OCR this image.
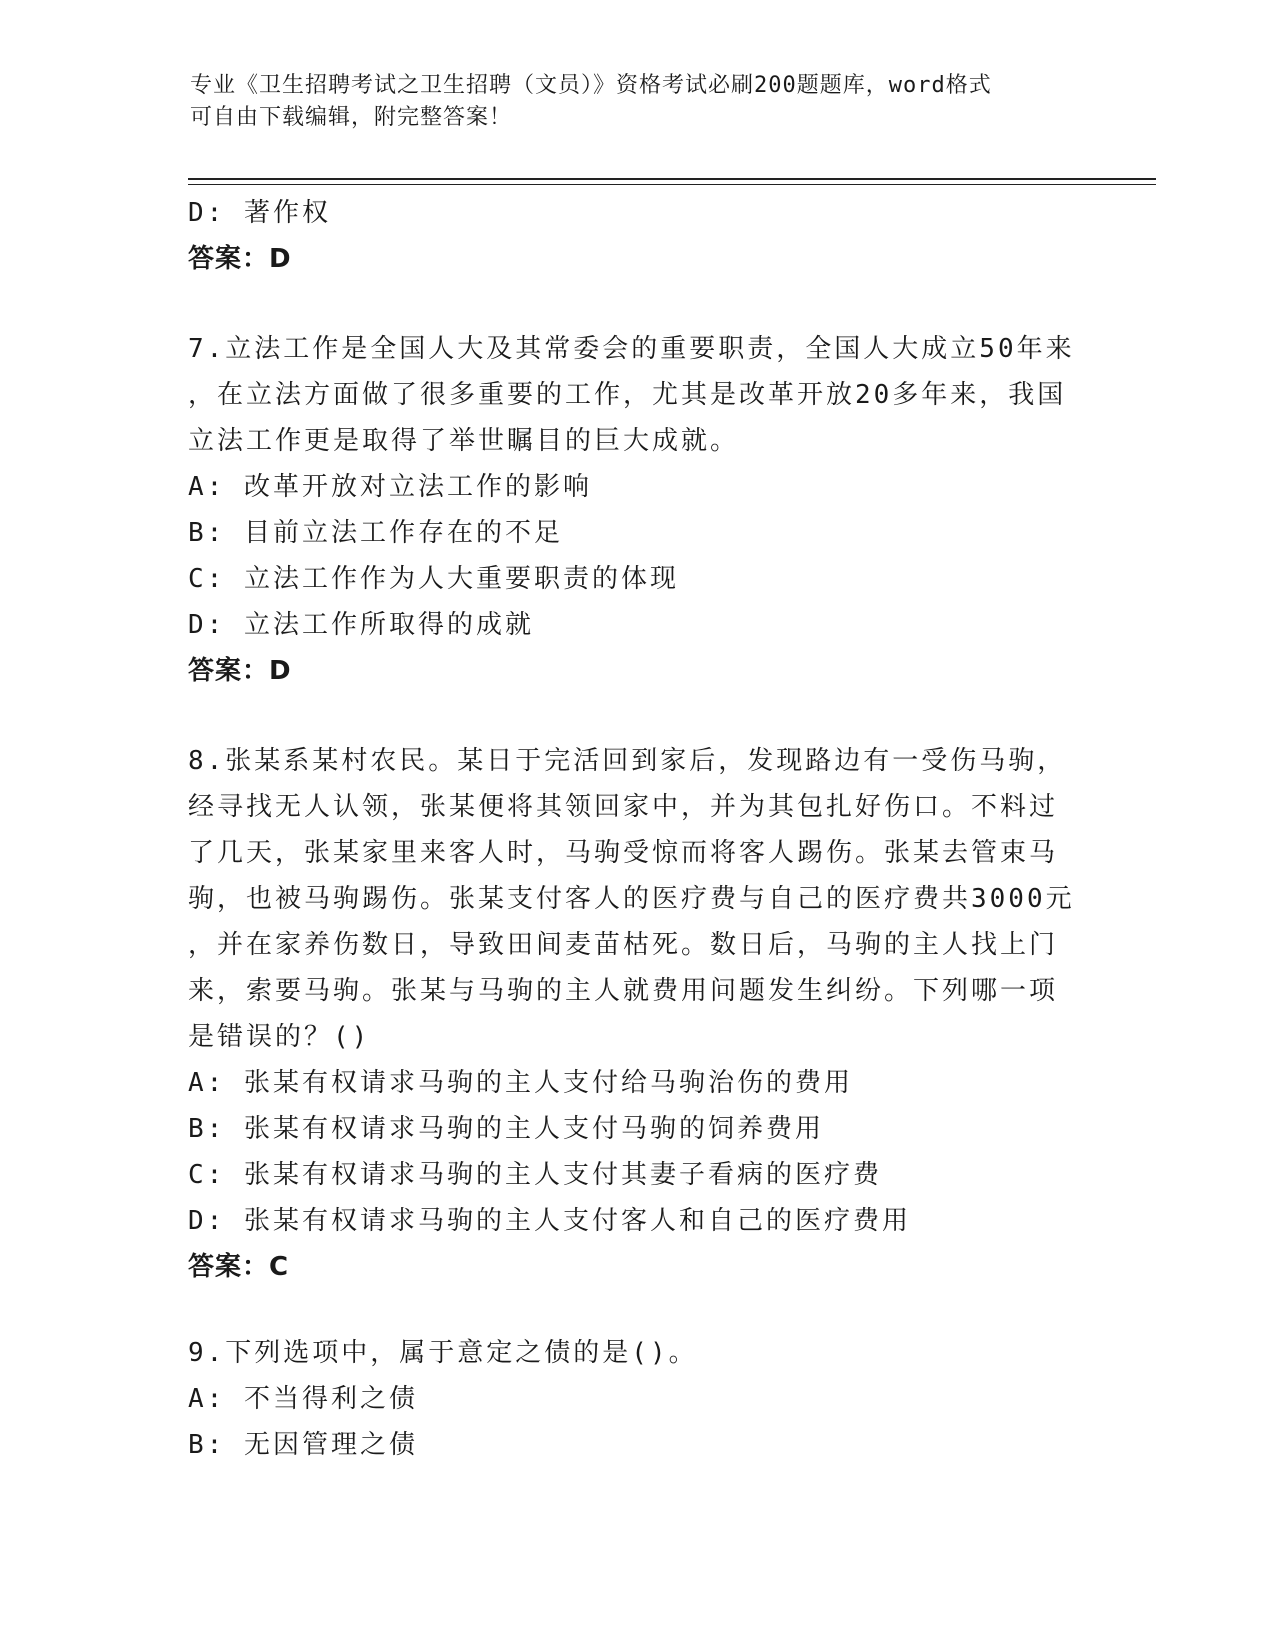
专业《卫生招聘考试之卫生招聘（文员）》资格考试必刷200题题库，word格式
可自由下载编辑，附完整答案！
D: 著作权
答案：D
7.立法工作是全国人大及其常委会的重要职责，全国人大成立50年来
，在立法方面做了很多重要的工作，尤其是改革开放20多年来，我国
立法工作更是取得了举世瞩目的巨大成就。
A: 改革开放对立法工作的影响
B: 目前立法工作存在的不足
C: 立法工作作为人大重要职责的体现
D: 立法工作所取得的成就
答案：D
8.张某系某村农民。某日于完活回到家后，发现路边有一受伤马驹，
经寻找无人认领，张某便将其领回家中，并为其包扎好伤口。不料过
了几天，张某家里来客人时，马驹受惊而将客人踢伤。张某去管束马
驹，也被马驹踢伤。张某支付客人的医疗费与自己的医疗费共3000元
，并在家养伤数日，导致田间麦苗枯死。数日后，马驹的主人找上门
来，索要马驹。张某与马驹的主人就费用问题发生纠纷。下列哪一项
是错误的？()
A: 张某有权请求马驹的主人支付给马驹治伤的费用
B: 张某有权请求马驹的主人支付马驹的饲养费用
C: 张某有权请求马驹的主人支付其妻子看病的医疗费
D: 张某有权请求马驹的主人支付客人和自己的医疗费用
答案：C
9.下列选项中，属于意定之债的是()。
A: 不当得利之债
B: 无因管理之债
